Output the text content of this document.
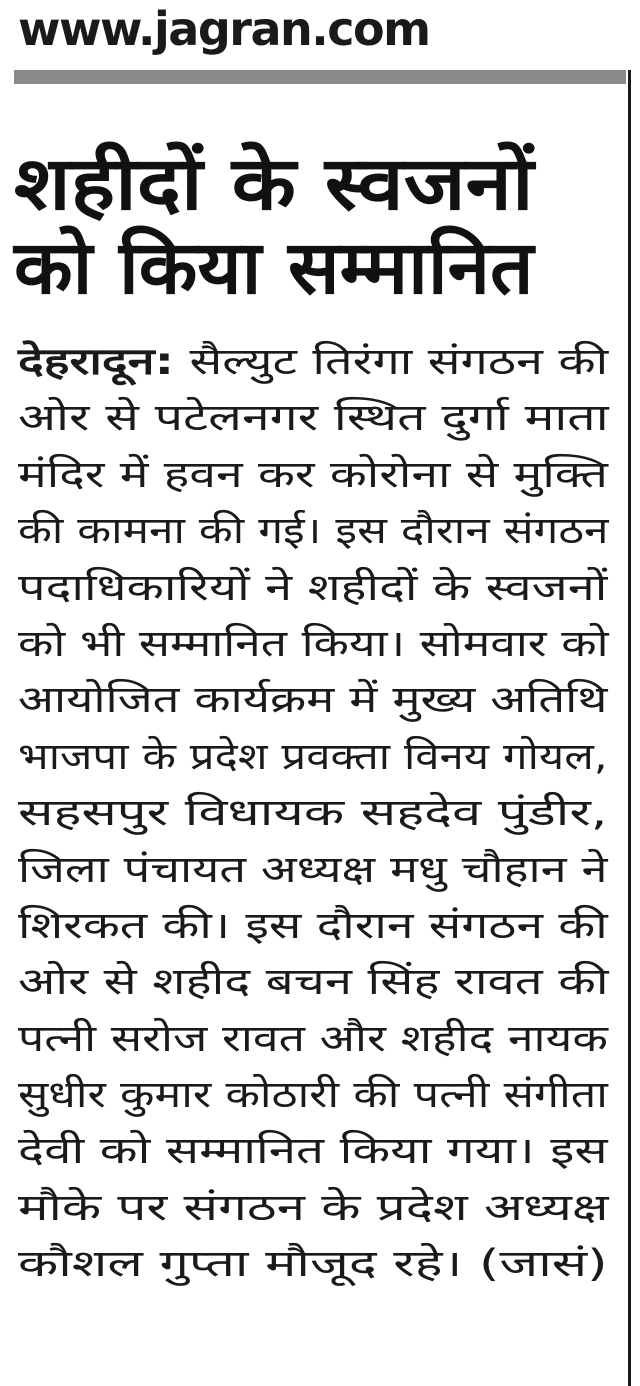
www.jagran.com
शहीदों के स्वजनों
को किया सम्मानित
देहरादून: सैल्युट तिरंगा संगठन की
ओर से पटेलनगर स्थित दुर्गा माता
मंदिर में हवन कर कोरोना से मुक्ति
की कामना की गई। इस दौरान संगठन
पदाधिकारियों ने शहीदों के स्वजनों
को भी सम्मानित किया। सोमवार को
आयोजित कार्यक्रम में मुख्य अतिथि
भाजपा के प्रदेश प्रवक्ता विनय गोयल,
सहसपुर विधायक सहदेव पुंडीर,
जिला पंचायत अध्यक्ष मधु चौहान ने
शिरकत की। इस दौरान संगठन की
ओर से शहीद बचन सिंह रावत की
पत्नी सरोज रावत और शहीद नायक
सुधीर कुमार कोठारी की पत्नी संगीता
देवी को सम्मानित किया गया। इस
मौके पर संगठन के प्रदेश अध्यक्ष
कौशल गुप्ता मौजूद रहे। (जासं)
